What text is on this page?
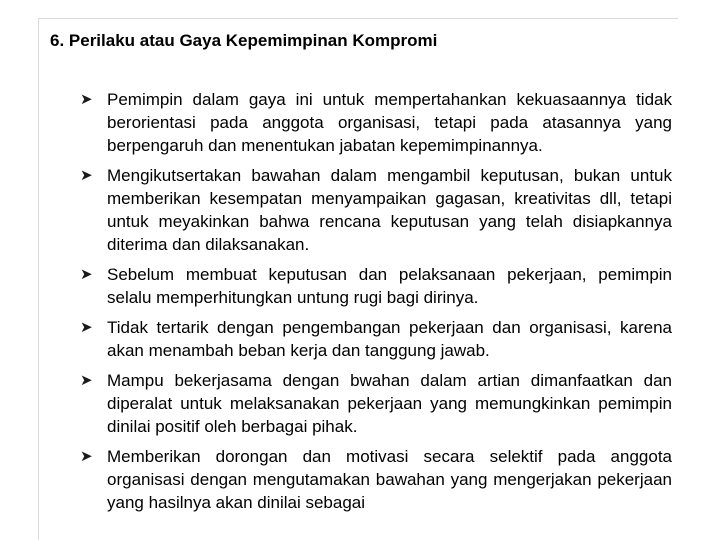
6. Perilaku atau Gaya Kepemimpinan Kompromi
➤ Pemimpin dalam gaya ini untuk mempertahankan kekuasaannya tidak berorientasi pada anggota organisasi, tetapi pada atasannya yang berpengaruh dan menentukan jabatan kepemimpinannya.
➤ Mengikutsertakan bawahan dalam mengambil keputusan, bukan untuk memberikan kesempatan menyampaikan gagasan, kreativitas dll, tetapi untuk meyakinkan bahwa rencana keputusan yang telah disiapkannya diterima dan dilaksanakan.
➤ Sebelum membuat keputusan dan pelaksanaan pekerjaan, pemimpin selalu memperhitungkan untung rugi bagi dirinya.
➤ Tidak tertarik dengan pengembangan pekerjaan dan organisasi, karena akan menambah beban kerja dan tanggung jawab.
➤ Mampu bekerjasama dengan bwahan dalam artian dimanfaatkan dan diperalat untuk melaksanakan pekerjaan yang memungkinkan pemimpin dinilai positif oleh berbagai pihak.
➤ Memberikan dorongan dan motivasi secara selektif pada anggota organisasi dengan mengutamakan bawahan yang mengerjakan pekerjaan yang hasilnya akan dinilai sebagai
